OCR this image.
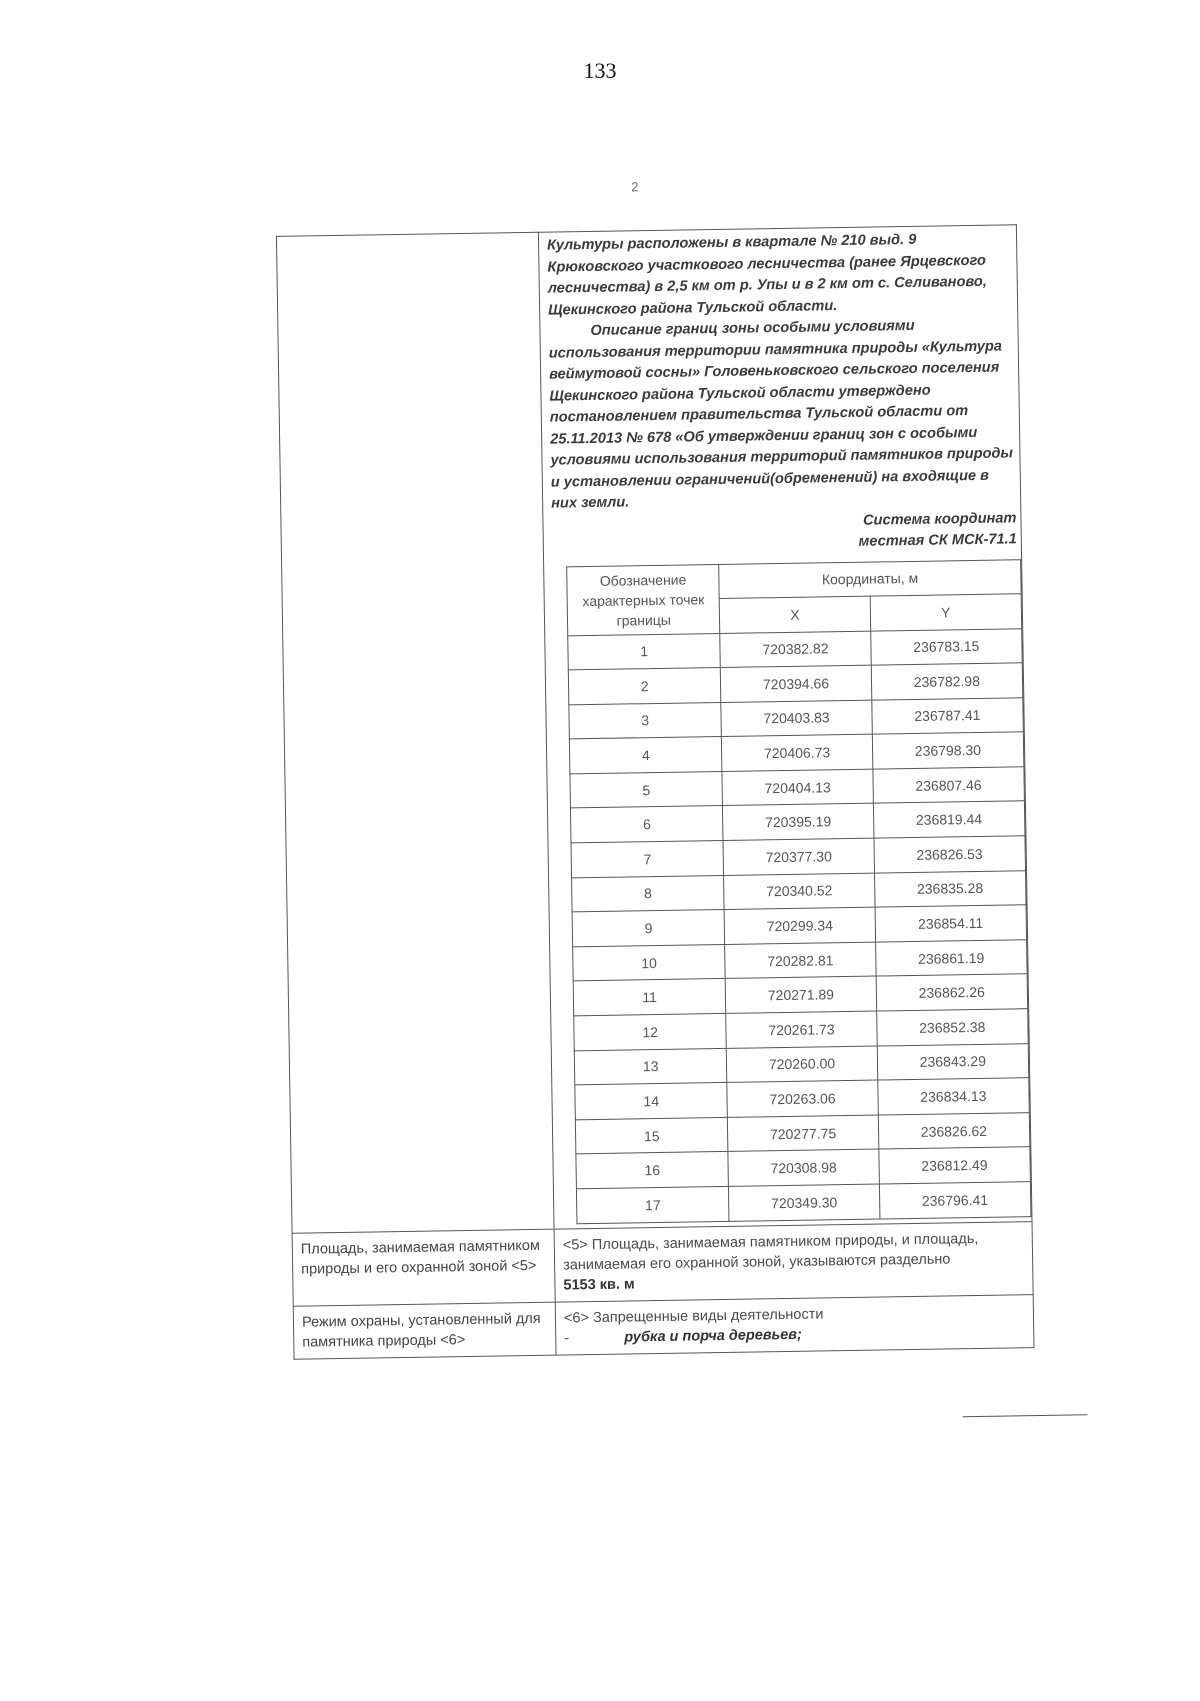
133
2

Культуры расположены в квартале № 210 выд. 9 Крюковского участкового лесничества (ранее Ярцевского лесничества) в 2,5 км от р. Упы и в 2 км от с. Селиваново, Щекинского района Тульской области.

Описание границ зоны особыми условиями использования территории памятника природы «Культура веймутовой сосны» Головеньковского сельского поселения Щекинского района Тульской области утверждено постановлением правительства Тульской области от 25.11.2013 № 678 «Об утверждении границ зон с особыми условиями использования территорий памятников природы и установлении ограничений(обременений) на входящие в них земли.

Система координат
местная СК МСК-71.1

Обозначение характерных точек границы	Координаты, м
X	Y
1	720382.82	236783.15
2	720394.66	236782.98
3	720403.83	236787.41
4	720406.73	236798.30
5	720404.13	236807.46
6	720395.19	236819.44
7	720377.30	236826.53
8	720340.52	236835.28
9	720299.34	236854.11
10	720282.81	236861.19
11	720271.89	236862.26
12	720261.73	236852.38
13	720260.00	236843.29
14	720263.06	236834.13
15	720277.75	236826.62
16	720308.98	236812.49
17	720349.30	236796.41

Площадь, занимаемая памятником природы и его охранной зоной <5>

<5> Площадь, занимаемая памятником природы, и площадь, занимаемая его охранной зоной, указываются раздельно
5153 кв. м

Режим охраны, установленный для памятника природы <6>

<6> Запрещенные виды деятельности
-	рубка и порча деревьев;
